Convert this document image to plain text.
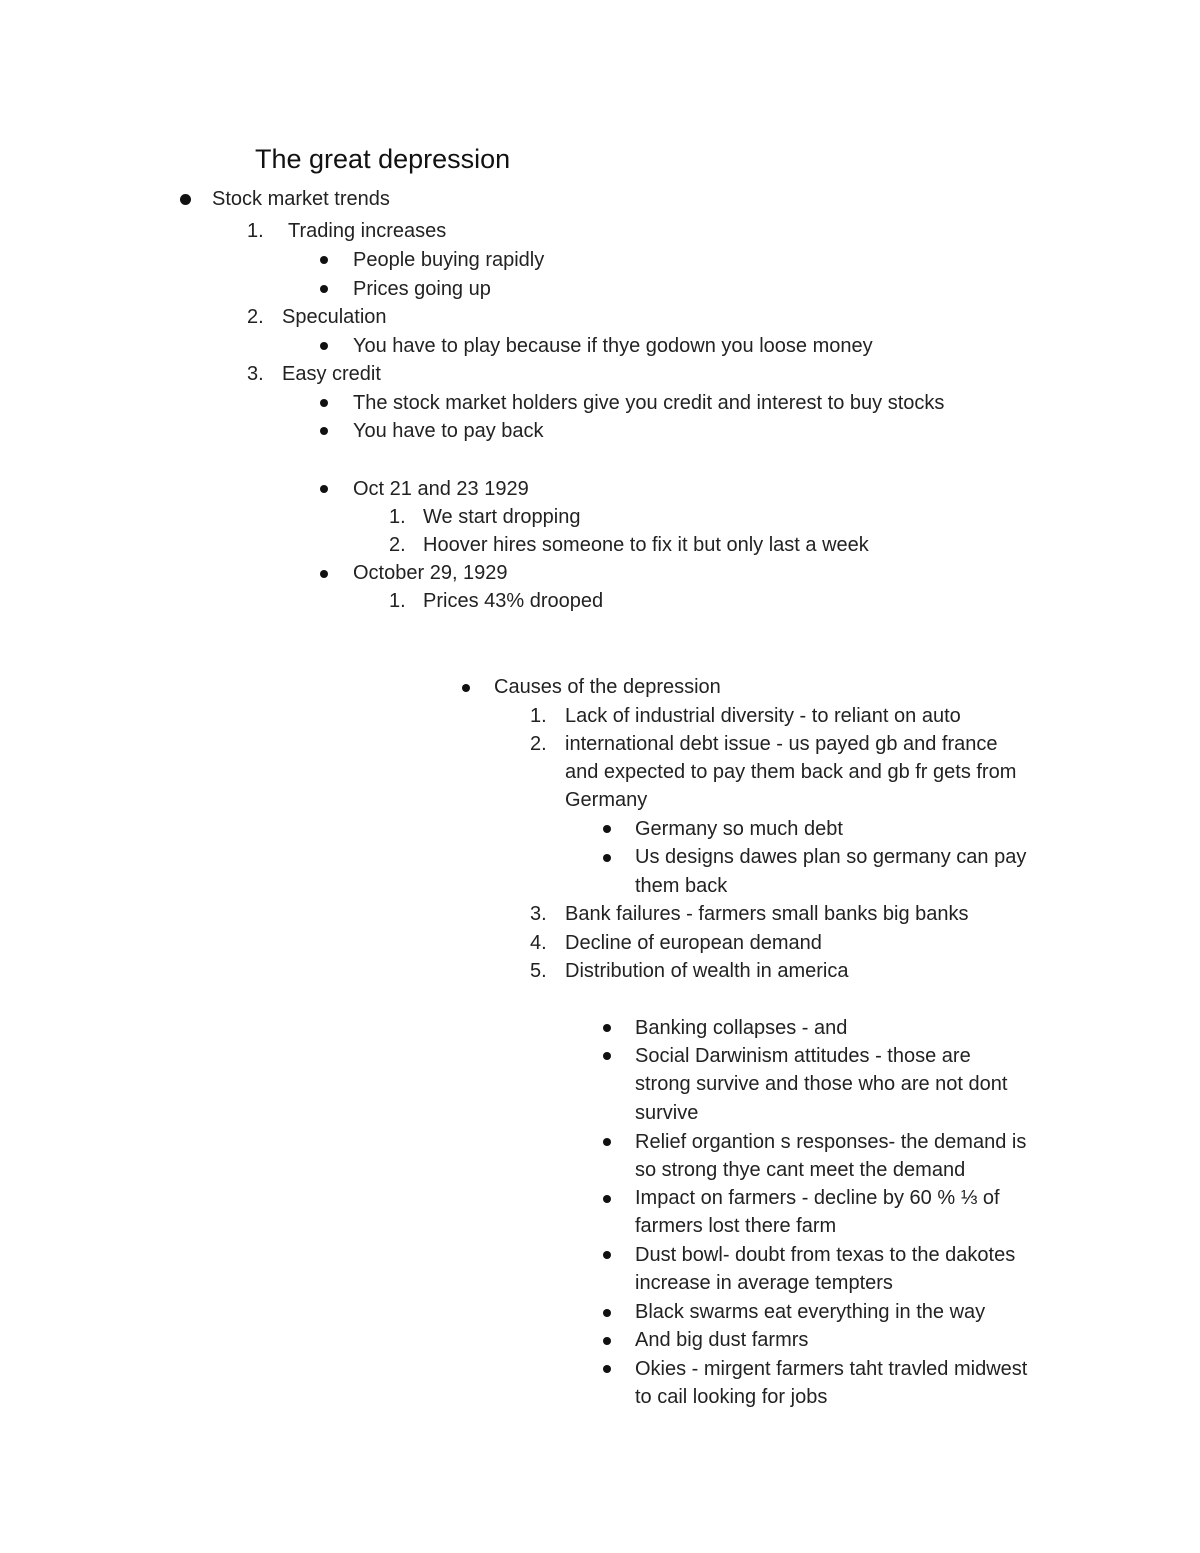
The great depression
Stock market trends
1. Trading increases
People buying rapidly
Prices going up
2. Speculation
You have to play because if thye godown you loose money
3. Easy credit
The stock market holders give you credit and interest to buy stocks
You have to pay back
Oct 21 and 23 1929
1. We start dropping
2. Hoover hires someone to fix it but only last a week
October 29, 1929
1. Prices 43% drooped
Causes of the depression
1. Lack of industrial diversity - to reliant on auto
2. international debt issue - us payed gb and france
and expected to pay them back and gb fr gets from
Germany
Germany so much debt
Us designs dawes plan so germany can pay
them back
3. Bank failures - farmers small banks big banks
4. Decline of european demand
5. Distribution of wealth in america
Banking collapses - and
Social Darwinism attitudes - those are
strong survive and those who are not dont
survive
Relief organtion s responses- the demand is
so strong thye cant meet the demand
Impact on farmers - decline by 60 % ⅓ of
farmers lost there farm
Dust bowl- doubt from texas to the dakotes
increase in average tempters
Black swarms eat everything in the way
And big dust farmrs
Okies - mirgent farmers taht travled midwest
to cail looking for jobs
